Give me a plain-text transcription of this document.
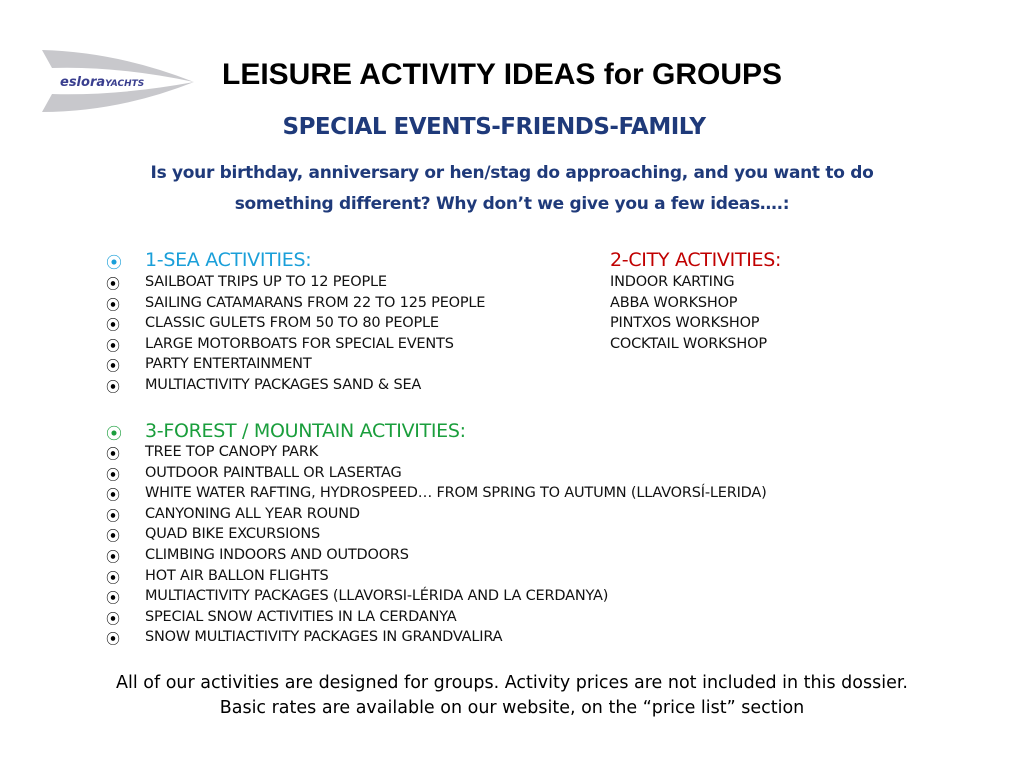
esloraYACHTS	LEISURE ACTIVITY IDEAS for GROUPS
SPECIAL EVENTS-FRIENDS-FAMILY
Is your birthday, anniversary or hen/stag do approaching, and you want to do
something different? Why don’t we give you a few ideas….:
⦿ 1-SEA ACTIVITIES:
⦿ SAILBOAT TRIPS UP TO 12 PEOPLE
⦿ SAILING CATAMARANS FROM 22 TO 125 PEOPLE
⦿ CLASSIC GULETS FROM 50 TO 80 PEOPLE
⦿ LARGE MOTORBOATS FOR SPECIAL EVENTS
⦿ PARTY ENTERTAINMENT
⦿ MULTIACTIVITY PACKAGES SAND & SEA
2-CITY ACTIVITIES:
INDOOR KARTING
ABBA WORKSHOP
PINTXOS WORKSHOP
COCKTAIL WORKSHOP
⦿ 3-FOREST / MOUNTAIN ACTIVITIES:
⦿ TREE TOP CANOPY PARK
⦿ OUTDOOR PAINTBALL OR LASERTAG
⦿ WHITE WATER RAFTING, HYDROSPEED… FROM SPRING TO AUTUMN (LLAVORSÍ-LERIDA)
⦿ CANYONING ALL YEAR ROUND
⦿ QUAD BIKE EXCURSIONS
⦿ CLIMBING INDOORS AND OUTDOORS
⦿ HOT AIR BALLON FLIGHTS
⦿ MULTIACTIVITY PACKAGES (LLAVORSI-LÉRIDA AND LA CERDANYA)
⦿ SPECIAL SNOW ACTIVITIES IN LA CERDANYA
⦿ SNOW MULTIACTIVITY PACKAGES IN GRANDVALIRA
All of our activities are designed for groups. Activity prices are not included in this dossier.
Basic rates are available on our website, on the “price list” section
